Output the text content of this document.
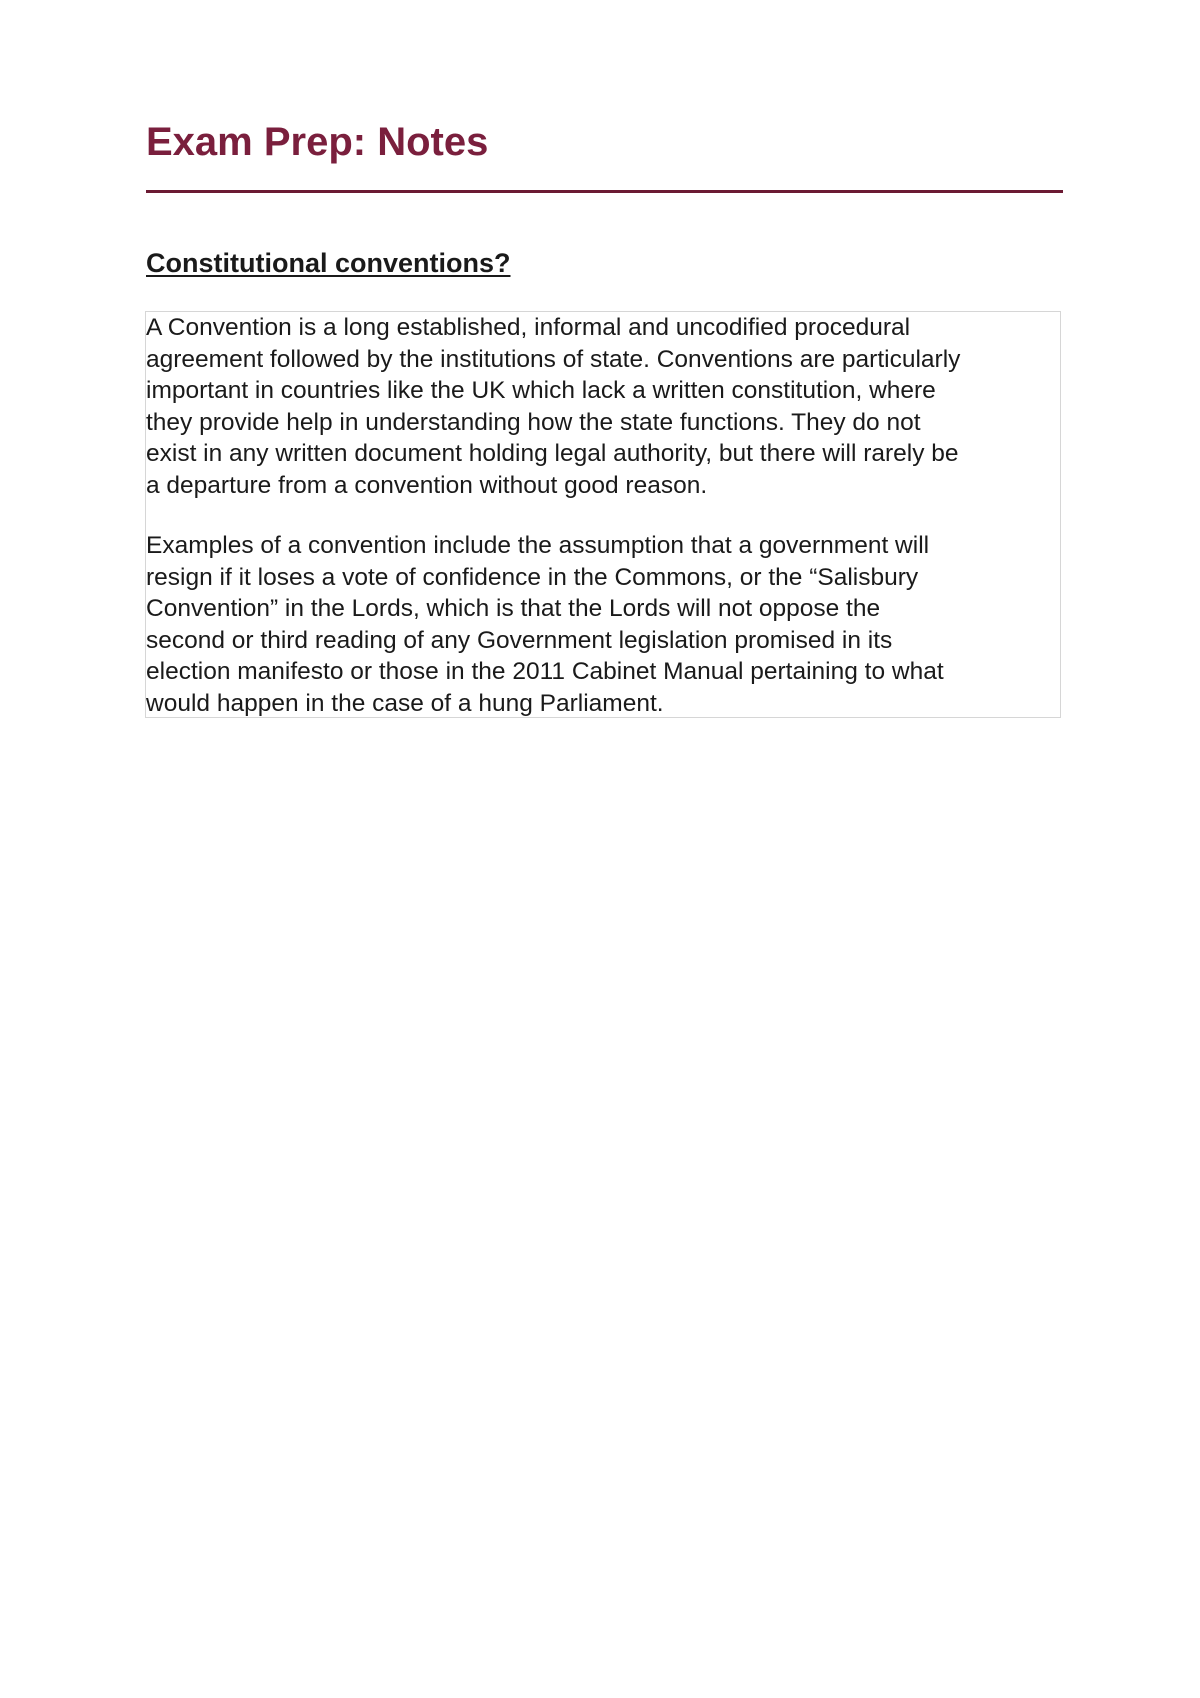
Exam Prep: Notes
Constitutional conventions?

A Convention is a long established, informal and uncodified procedural
agreement followed by the institutions of state. Conventions are particularly
important in countries like the UK which lack a written constitution, where
they provide help in understanding how the state functions. They do not
exist in any written document holding legal authority, but there will rarely be
a departure from a convention without good reason.

Examples of a convention include the assumption that a government will
resign if it loses a vote of confidence in the Commons, or the “Salisbury
Convention” in the Lords, which is that the Lords will not oppose the
second or third reading of any Government legislation promised in its
election manifesto or those in the 2011 Cabinet Manual pertaining to what
would happen in the case of a hung Parliament.
